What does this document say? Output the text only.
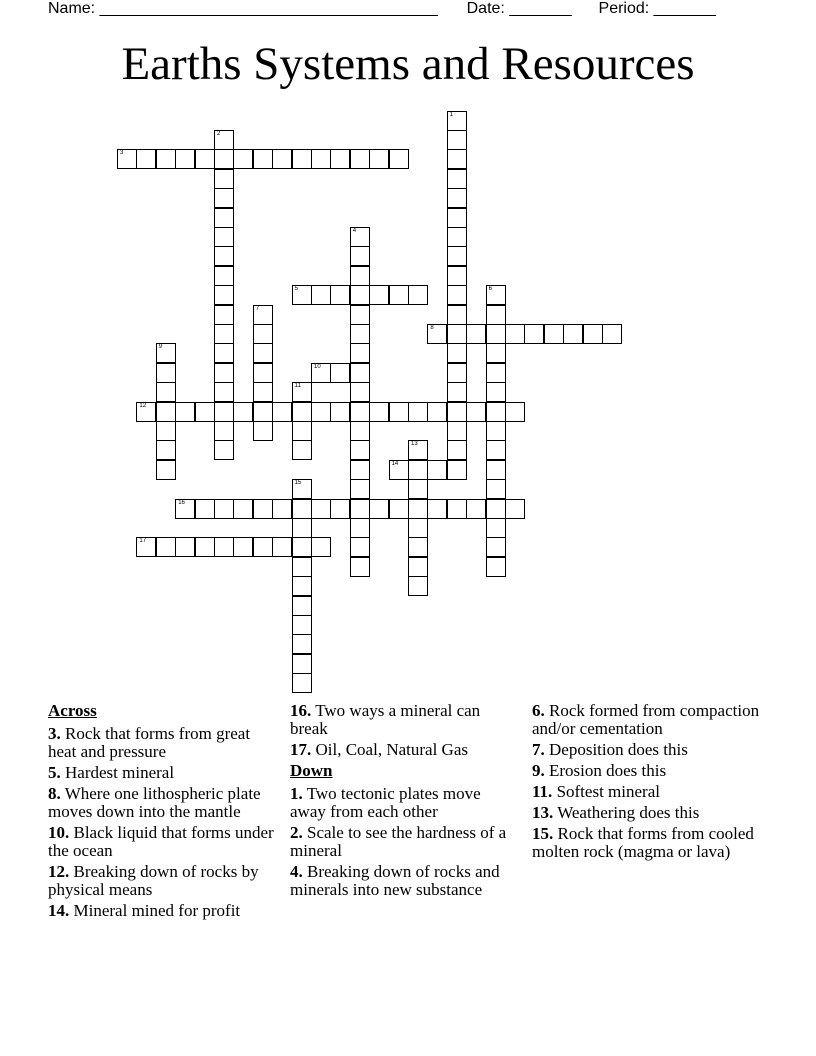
Name: ______________________________________ Date: _______ Period: _______
Earths Systems and Resources
1
2
3
4
5	6
7
8
9
10
11
12
13
14
15
16
17
Across
3. Rock that forms from great heat and pressure
5. Hardest mineral
8. Where one lithospheric plate moves down into the mantle
10. Black liquid that forms under the ocean
12. Breaking down of rocks by physical means
14. Mineral mined for profit
16. Two ways a mineral can break
17. Oil, Coal, Natural Gas
Down
1. Two tectonic plates move away from each other
2. Scale to see the hardness of a mineral
4. Breaking down of rocks and minerals into new substance
6. Rock formed from compaction and/or cementation
7. Deposition does this
9. Erosion does this
11. Softest mineral
13. Weathering does this
15. Rock that forms from cooled molten rock (magma or lava)
